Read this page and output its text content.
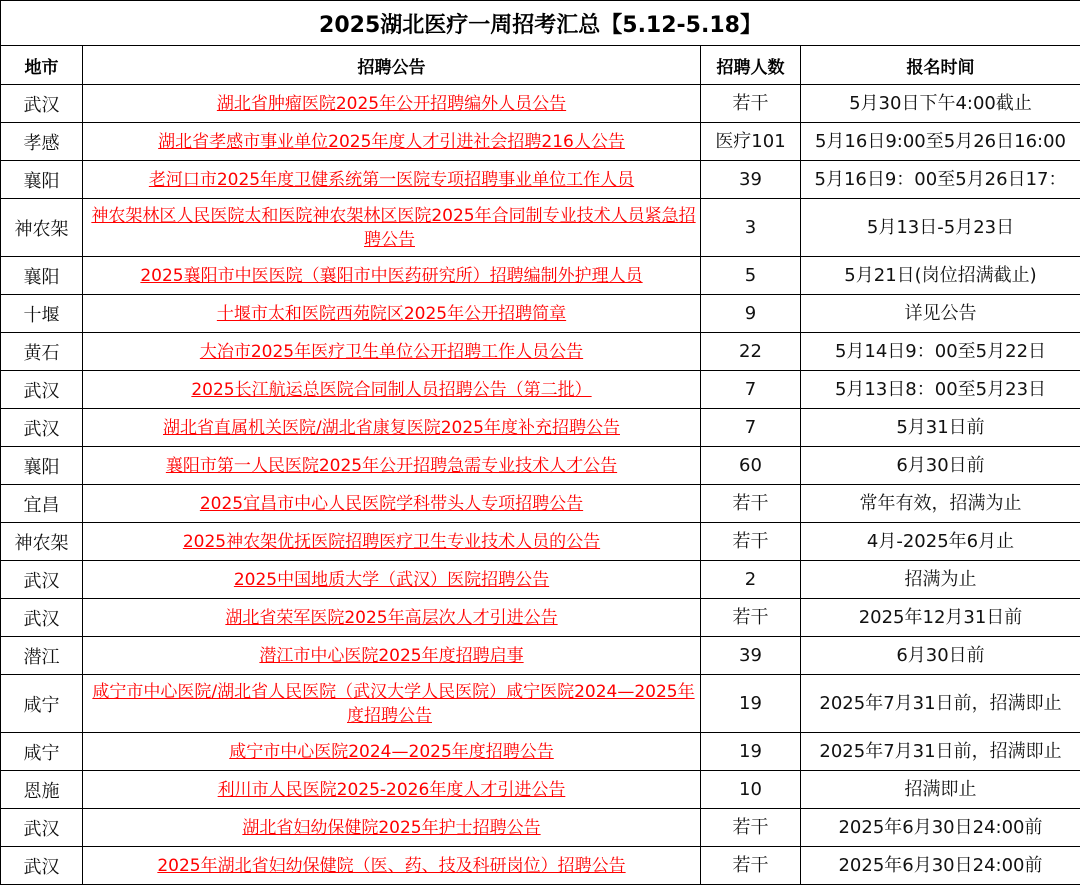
2025湖北医疗一周招考汇总【5.12-5.18】			
地市	招聘公告	招聘人数	报名时间
武汉	湖北省肿瘤医院2025年公开招聘编外人员公告	若干	5月30日下午4:00截止

孝感	湖北省孝感市事业单位2025年度人才引进社会招聘216人公告	医疗101	5月16日9:00至5月26日16:00

襄阳	老河口市2025年度卫健系统第一医院专项招聘事业单位工作人员	39	5月16日9：00至5月26日17：

神农架	神农架林区人民医院太和医院神农架林区医院2025年合同制专业技术人员紧急招聘公告	3	5月13日-5月23日

襄阳	2025襄阳市中医医院（襄阳市中医药研究所）招聘编制外护理人员	5	5月21日(岗位招满截止)

十堰	十堰市太和医院西苑院区2025年公开招聘简章	9	详见公告

黄石	大冶市2025年医疗卫生单位公开招聘工作人员公告	22	5月14日9：00至5月22日

武汉	2025长江航运总医院合同制人员招聘公告（第二批）	7	5月13日8：00至5月23日

武汉	湖北省直属机关医院/湖北省康复医院2025年度补充招聘公告	7	5月31日前

襄阳	襄阳市第一人民医院2025年公开招聘急需专业技术人才公告	60	6月30日前

宜昌	2025宜昌市中心人民医院学科带头人专项招聘公告	若干	常年有效，招满为止

神农架	2025神农架优抚医院招聘医疗卫生专业技术人员的公告	若干	4月-2025年6月止

武汉	2025中国地质大学（武汉）医院招聘公告	2	招满为止

武汉	湖北省荣军医院2025年高层次人才引进公告	若干	2025年12月31日前

潜江	潜江市中心医院2025年度招聘启事	39	6月30日前

咸宁	咸宁市中心医院/湖北省人民医院（武汉大学人民医院）咸宁医院2024—2025年度招聘公告	19	2025年7月31日前，招满即止

咸宁	咸宁市中心医院2024—2025年度招聘公告	19	2025年7月31日前，招满即止

恩施	利川市人民医院2025-2026年度人才引进公告	10	招满即止

武汉	湖北省妇幼保健院2025年护士招聘公告	若干	2025年6月30日24:00前

武汉	2025年湖北省妇幼保健院（医、药、技及科研岗位）招聘公告	若干	2025年6月30日24:00前
